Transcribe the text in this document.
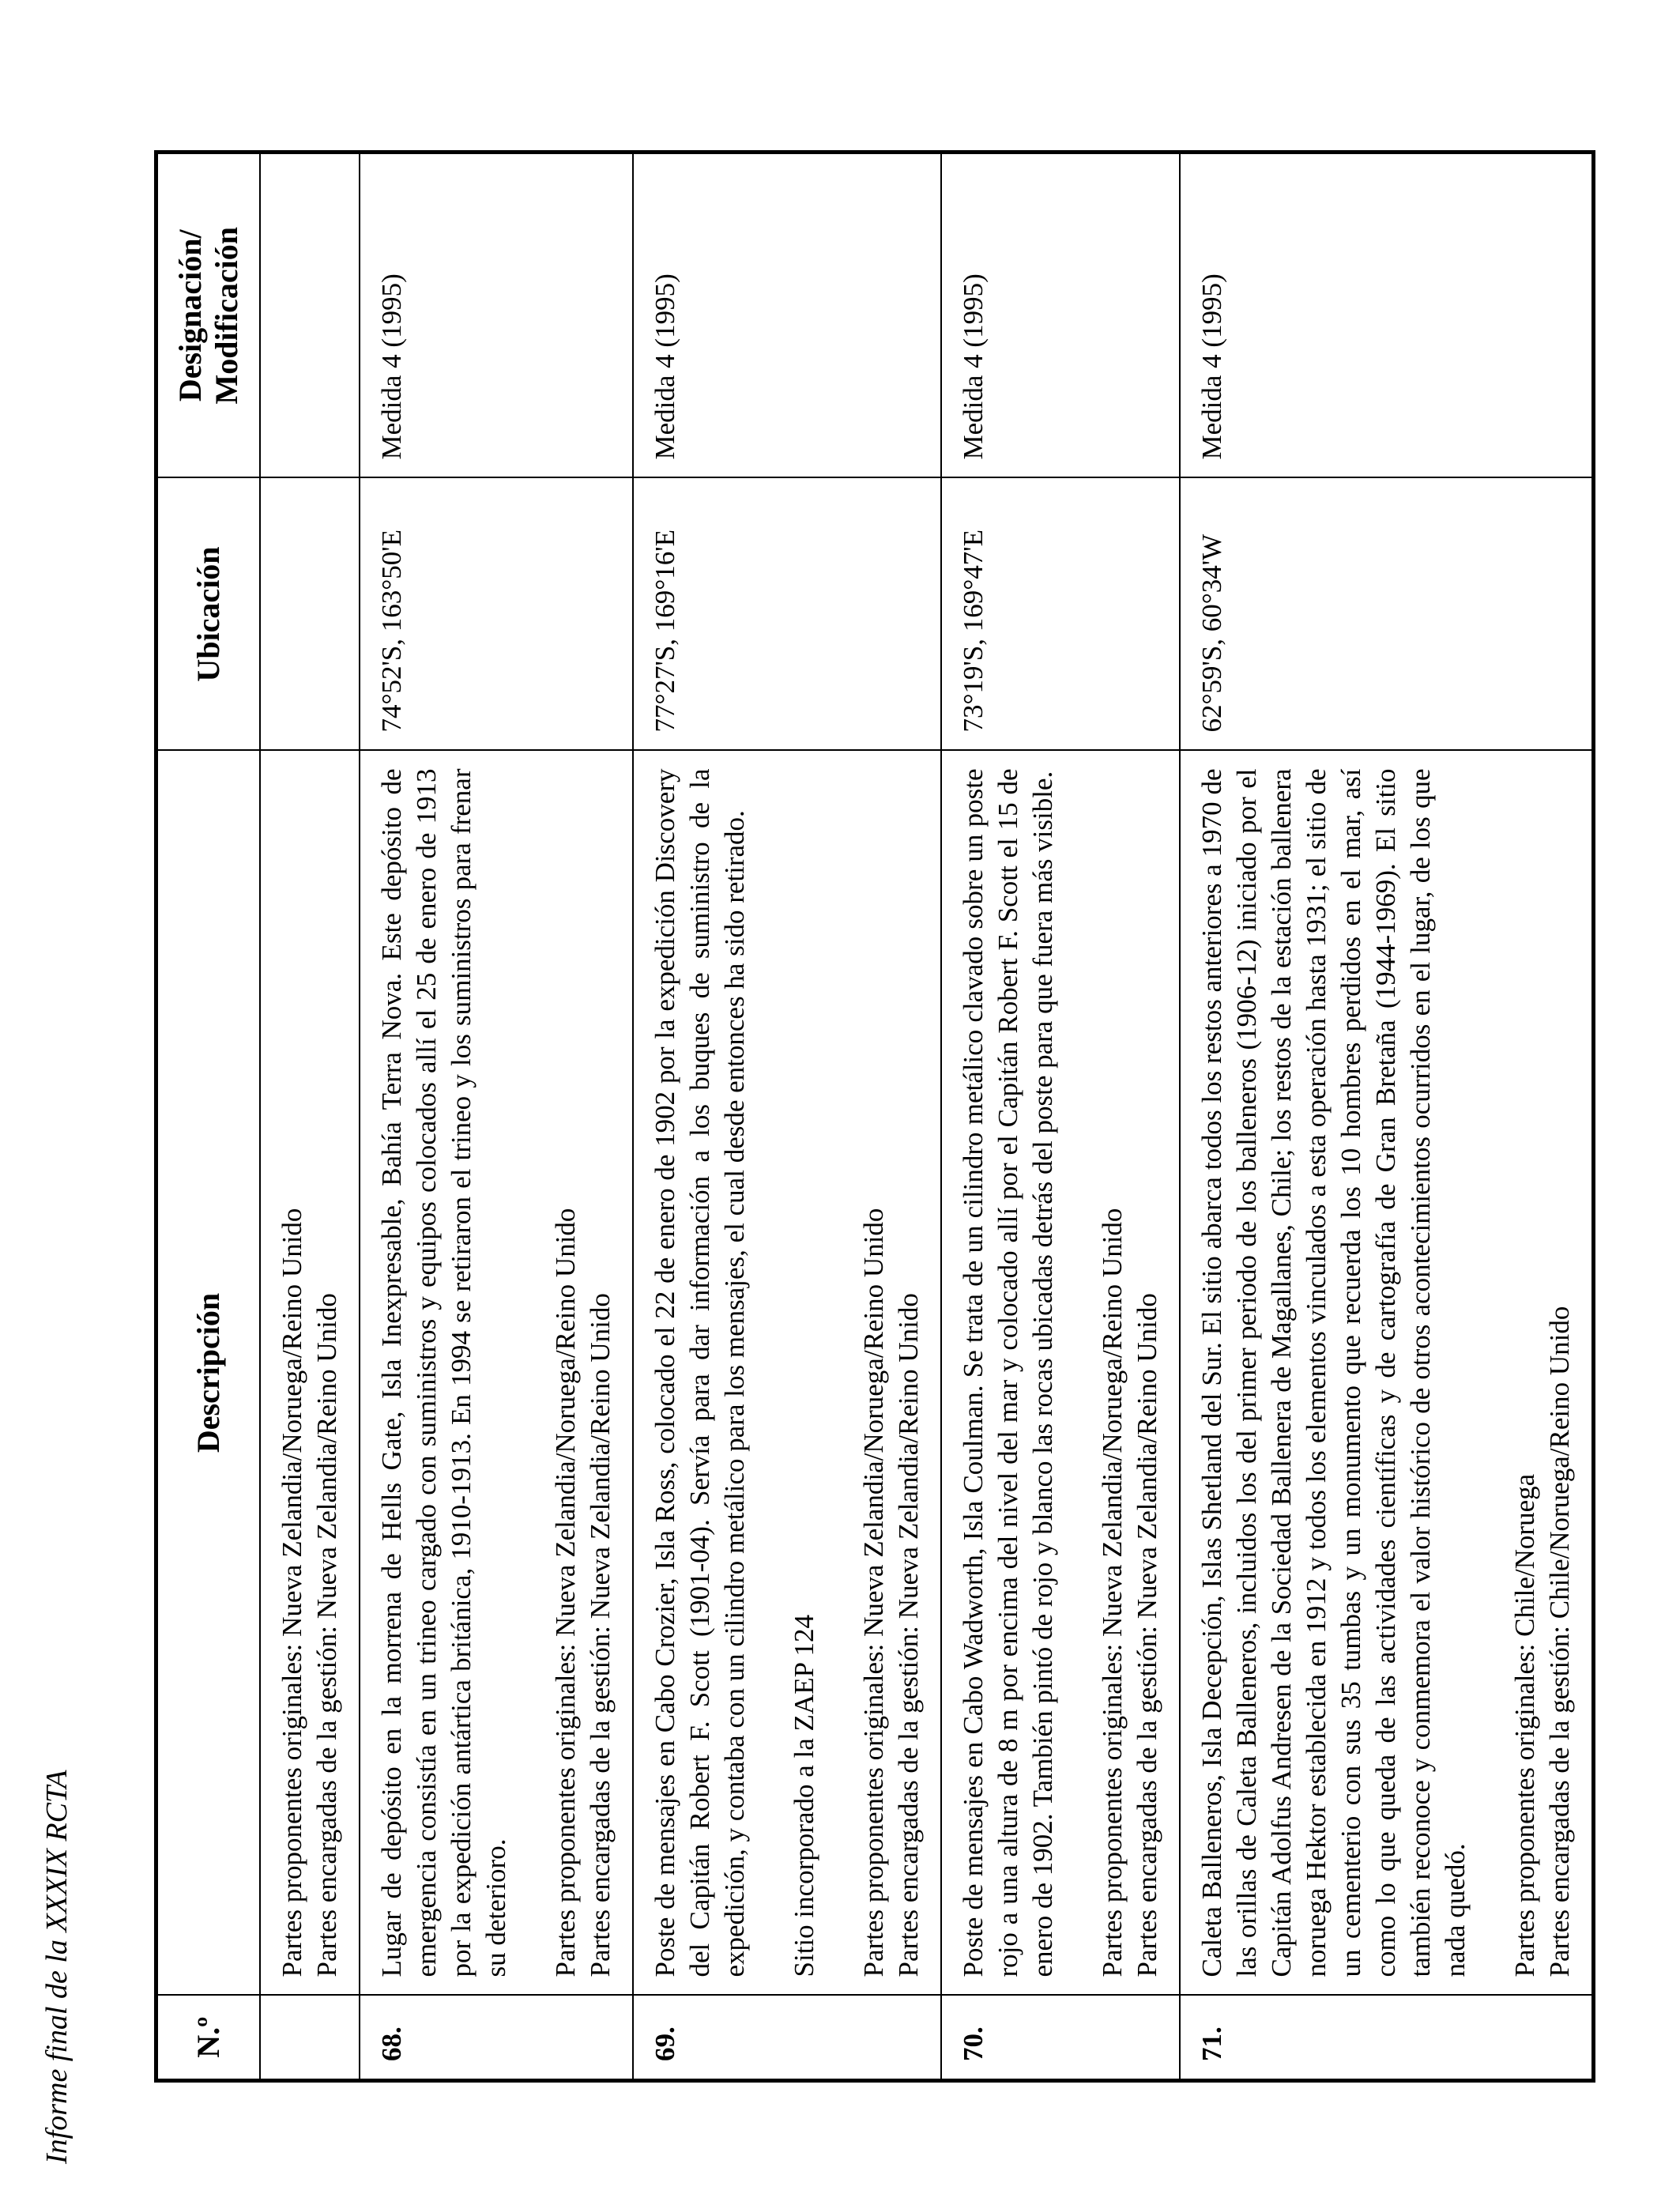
Informe final de la XXXIX RCTA	N.º	Descripción	Ubicación	Designación/ Modificación

	Partes proponentes originales: Nueva Zelandia/Noruega/Reino Unido Partes encargadas de la gestión: Nueva Zelandia/Reino Unido		

68.	Lugar de depósito en la morrena de Hells Gate, Isla Inexpresable, Bahía Terra Nova. Este depósito de emergencia consistía en un trineo cargado con suministros y equipos colocados allí el 25 de enero de 1913 por la expedición antártica británica, 1910-1913. En 1994 se retiraron el trineo y los suministros para frenar su deterioro. Partes proponentes originales: Nueva Zelandia/Noruega/Reino Unido Partes encargadas de la gestión: Nueva Zelandia/Reino Unido	74°52'S, 163°50'E	Medida 4 (1995)
69.	Poste de mensajes en Cabo Crozier, Isla Ross, colocado el 22 de enero de 1902 por la expedición Discovery del Capitán Robert F. Scott (1901-04). Servía para dar información a los buques de suministro de la expedición, y contaba con un cilindro metálico para los mensajes, el cual desde entonces ha sido retirado. Sitio incorporado a la ZAEP 124 Partes proponentes originales: Nueva Zelandia/Noruega/Reino Unido Partes encargadas de la gestión: Nueva Zelandia/Reino Unido	77°27'S, 169°16'E	Medida 4 (1995)
70.	Poste de mensajes en Cabo Wadworth, Isla Coulman. Se trata de un cilindro metálico clavado sobre un poste rojo a una altura de 8 m por encima del nivel del mar y colocado allí por el Capitán Robert F. Scott el 15 de enero de 1902. También pintó de rojo y blanco las rocas ubicadas detrás del poste para que fuera más visible. Partes proponentes originales: Nueva Zelandia/Noruega/Reino Unido Partes encargadas de la gestión: Nueva Zelandia/Reino Unido	73°19'S, 169°47'E	Medida 4 (1995)
71.	Caleta Balleneros, Isla Decepción, Islas Shetland del Sur. El sitio abarca todos los restos anteriores a 1970 de las orillas de Caleta Balleneros, incluidos los del primer periodo de los balleneros (1906-12) iniciado por el Capitán Adolfus Andresen de la Sociedad Ballenera de Magallanes, Chile; los restos de la estación ballenera noruega Hektor establecida en 1912 y todos los elementos vinculados a esta operación hasta 1931; el sitio de un cementerio con sus 35 tumbas y un monumento que recuerda los 10 hombres perdidos en el mar, así como lo que queda de las actividades científicas y de cartografía de Gran Bretaña (1944-1969). El sitio también reconoce y conmemora el valor histórico de otros acontecimientos ocurridos en el lugar, de los que nada quedó. Partes proponentes originales: Chile/Noruega Partes encargadas de la gestión: Chile/Noruega/Reino Unido	62°59'S, 60°34'W	Medida 4 (1995)
